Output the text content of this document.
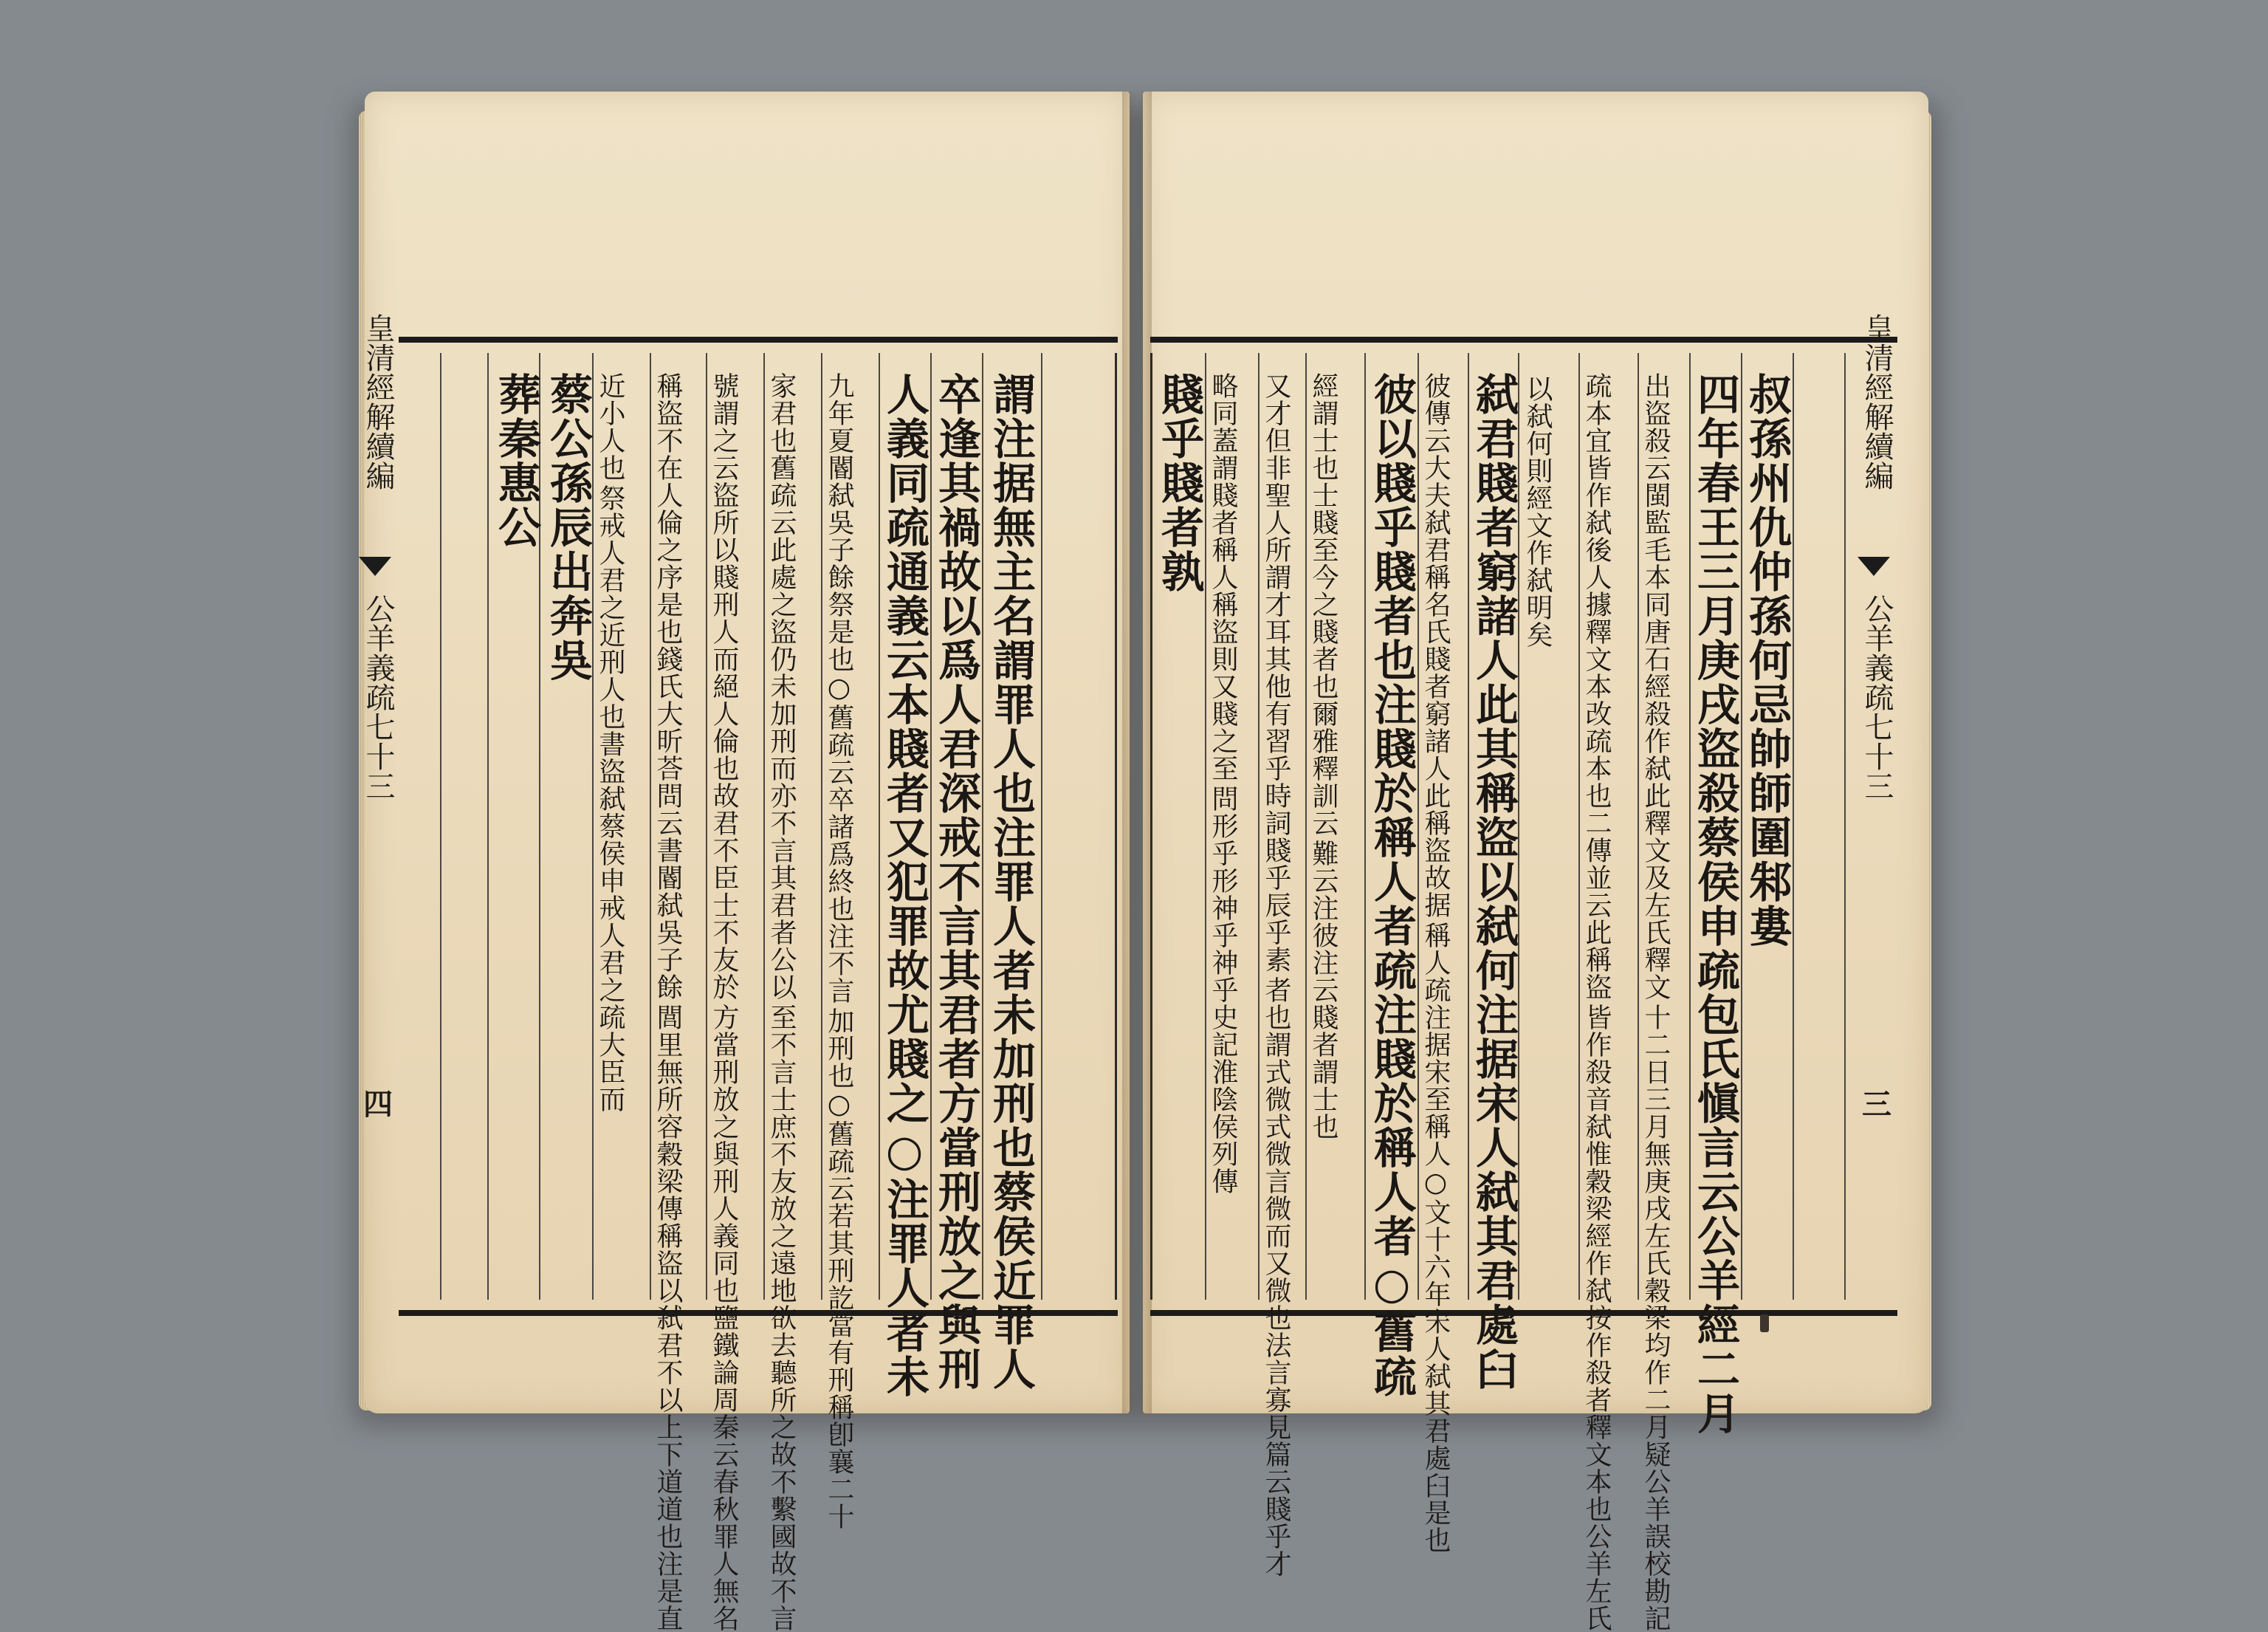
賤乎賤者孰 略同蓋謂賤者稱人稱盜則又賤之至
問形乎形神乎神乎史記淮陰侯列傳
又才但非聖人所謂才耳其他有習乎時詞賤乎辰乎素
者也謂式微式微言微而又微也法言寡見篇云賤乎才
經謂士也士賤至今之賤者也爾雅釋訓云
難云注彼注云賤者謂士也 彼以賤乎賤者也注賤於稱人者疏注賤於稱人者○舊疏 彼傳云大夫弑君稱名氏賤者窮諸人此稱盜故据
稱人疏注据宋至稱人○文十六年宋人弑其君處臼是也 弑君賤者窮諸人此其稱盜以弑何注据宋人弑其君處臼 以弑何則經文作弑明矣 疏本宜皆作弑後人據釋文本改疏本也二傳並云此稱盜
皆作殺音弑惟穀梁經作弑按作殺者釋文本也公羊左氏
出盜殺云閩監毛本同唐石經殺作弑此釋文及左氏釋文
十二日三月無庚戌左氏穀梁均作二月疑公羊誤校勘記 四年春王三月庚戌盜殺蔡侯申疏包氏愼言云公羊經二月 叔孫州仇仲孫何忌帥師圍邾婁 皇清經解續編
公羊義疏七十三
三
皇清經解續編
公羊義疏七十三
四
葬秦惠公 蔡公孫辰出奔吳 近小人也
祭戒人君之近刑人也書盜弑蔡侯申戒人君之疏大臣而 稱盜不在人倫之序是也錢氏大昕荅問云書閽弑吳子餘
閭里無所容穀梁傳稱盜以弑君不以上下道道也注是直
號謂之云盜所以賤刑人而絕人倫也故君不臣士不友於
方當刑放之與刑人義同也鹽鐵論周秦云春秋罪人無名
家君也舊疏云此處之盜仍未加刑而亦不言其君者公以
至不言士庶不友放之遠地欲去聽所之故不繫國故不言
九年夏閽弑吳子餘祭是也○舊疏云卒諸爲終也注不言
加刑也○舊疏云若其刑訖當有刑稱卽襄二十 人義同疏通義云本賤者又犯罪故尤賤之○注罪人者未 卒逢其禍故以爲人君深戒不言其君者方當刑放之與刑 謂注据無主名謂罪人也注罪人者未加刑也蔡侯近罪人
